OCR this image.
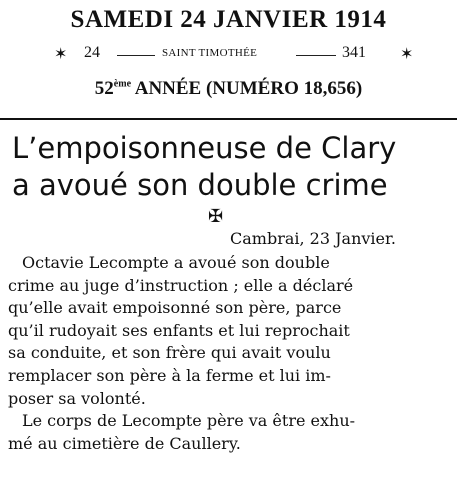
SAMEDI 24 JANVIER 1914
✶ 24	SAINT TIMOTHÉE	341 ✶
52ème ANNÉE (NUMÉRO 18,656)
L’empoisonneuse de Clary
a avoué son double crime
✠
Cambrai, 23 Janvier.
Octavie Lecompte a avoué son double
crime au juge d’instruction ; elle a déclaré
qu’elle avait empoisonné son père, parce
qu’il rudoyait ses enfants et lui reprochait
sa conduite, et son frère qui avait voulu
remplacer son père à la ferme et lui im-
poser sa volonté.
Le corps de Lecompte père va être exhu-
mé au cimetière de Caullery.
